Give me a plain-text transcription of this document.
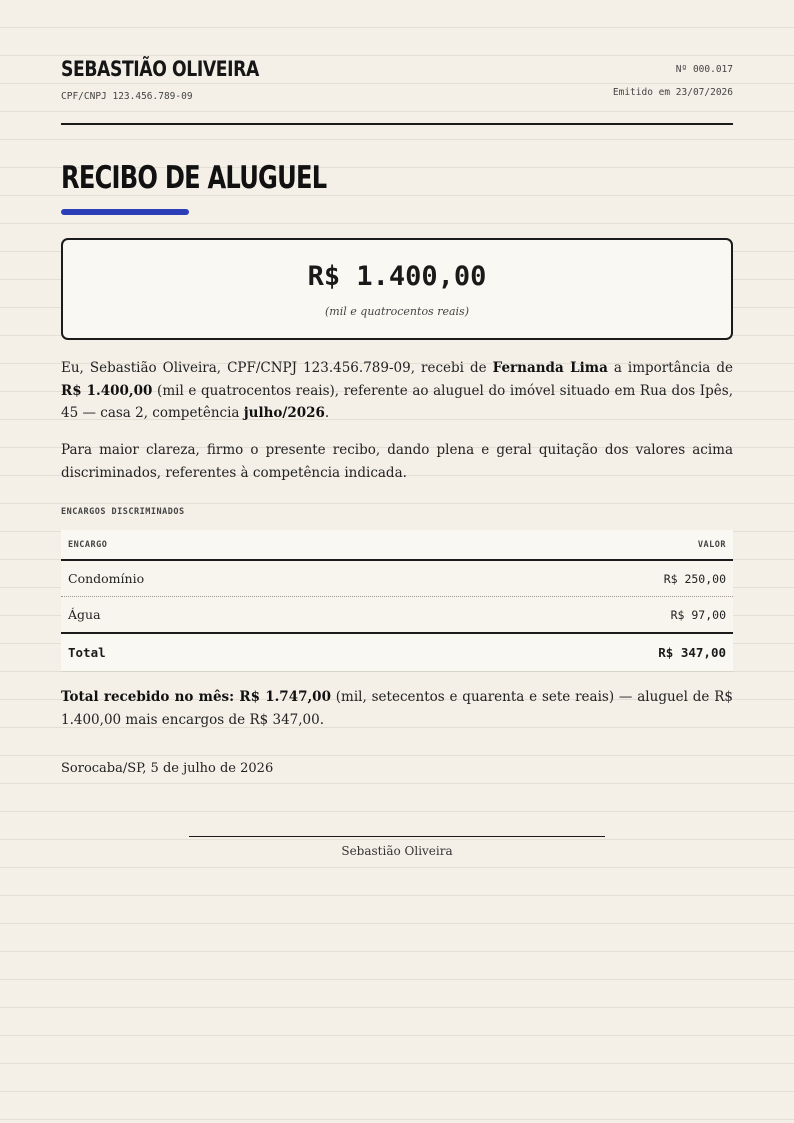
SEBASTIÃO OLIVEIRA
CPF/CNPJ 123.456.789-09
Nº 000.017
Emitido em 23/07/2026
RECIBO DE ALUGUEL
R$ 1.400,00
(mil e quatrocentos reais)
Eu, Sebastião Oliveira, CPF/CNPJ 123.456.789-09, recebi de Fernanda Lima a importância de R$ 1.400,00 (mil e quatrocentos reais), referente ao aluguel do imóvel situado em Rua dos Ipês, 45 — casa 2, competência julho/2026.
Para maior clareza, firmo o presente recibo, dando plena e geral quitação dos valores acima discriminados, referentes à competência indicada.
ENCARGOS DISCRIMINADOS
ENCARGO	VALOR
Condomínio	R$ 250,00
Água	R$ 97,00
Total	R$ 347,00
Total recebido no mês: R$ 1.747,00 (mil, setecentos e quarenta e sete reais) — aluguel de R$ 1.400,00 mais encargos de R$ 347,00.
Sorocaba/SP, 5 de julho de 2026
Sebastião Oliveira
